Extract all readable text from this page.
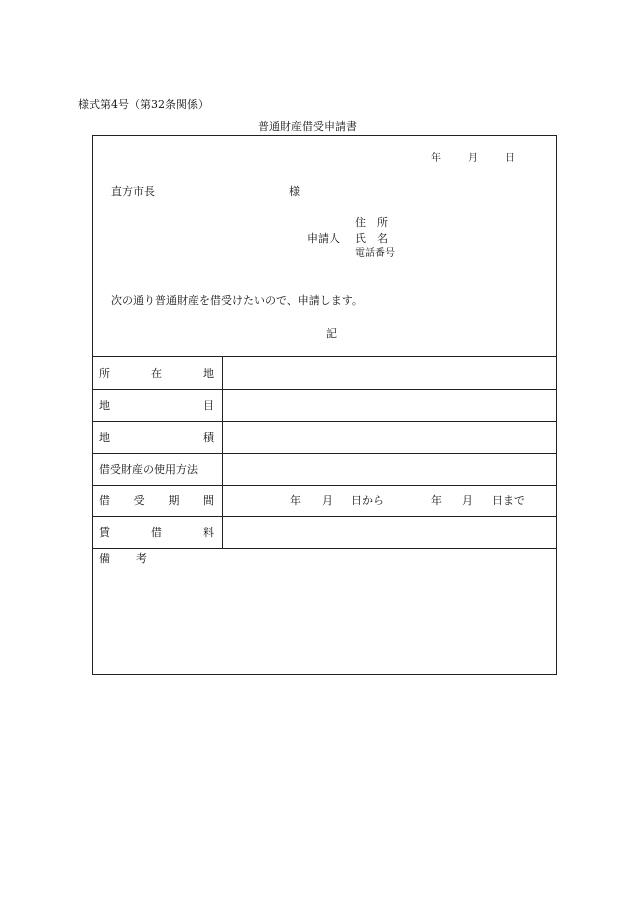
様式第4号（第32条関係）
普通財産借受申請書
年	月	日
直方市長	様
住　所
申請人 氏　名
電話番号
次の通り普通財産を借受けたいので、申請します。
記
所	在	地
地	目
地	積
借受財産の使用方法
借 受 期 間	年 月 日から	年 月 日まで
賃	借	料
備 考
